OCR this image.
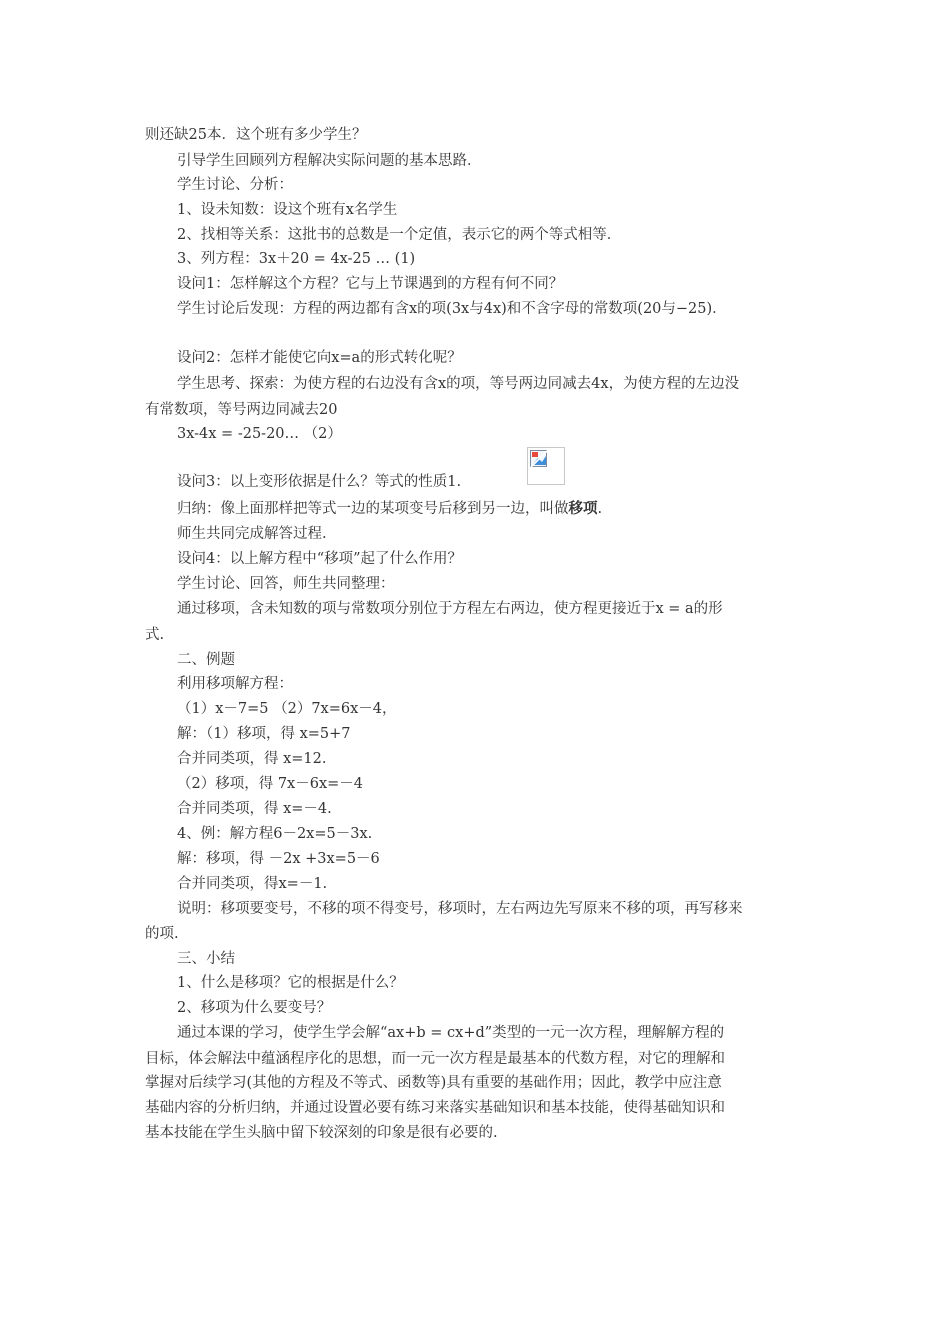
则还缺25本．这个班有多少学生？
引导学生回顾列方程解决实际问题的基本思路．
学生讨论、分析：
1、设未知数：设这个班有x名学生
2、找相等关系：这批书的总数是一个定值，表示它的两个等式相等．
3、列方程：3x＋20 = 4x-25 … (1)
设问1：怎样解这个方程？它与上节课遇到的方程有何不同？
学生讨论后发现：方程的两边都有含x的项(3x与4x)和不含字母的常数项(20与−25)．
设问2：怎样才能使它向x=a的形式转化呢？
学生思考、探索：为使方程的右边没有含x的项，等号两边同减去4x，为使方程的左边没
有常数项，等号两边同减去20
3x-4x = -25-20… （2）
设问3：以上变形依据是什么？等式的性质1.
归纳：像上面那样把等式一边的某项变号后移到另一边，叫做移项.
师生共同完成解答过程.
设问4：以上解方程中“移项”起了什么作用？
学生讨论、回答，师生共同整理：
通过移项，含未知数的项与常数项分别位于方程左右两边，使方程更接近于x = a的形
式.
二、例题
利用移项解方程：
（1）x－7=5 （2）7x=6x－4，
解：（1）移项，得 x=5+7
合并同类项，得 x=12.
（2）移项，得 7x－6x=－4
合并同类项，得 x=－4.
4、例：解方程6－2x=5－3x.
解：移项，得 －2x +3x=5－6
合并同类项，得x=－1.
说明：移项要变号，不移的项不得变号，移项时，左右两边先写原来不移的项，再写移来
的项.
三、小结
1、什么是移项？它的根据是什么？
2、移项为什么要变号？
通过本课的学习，使学生学会解“ax+b = cx+d”类型的一元一次方程，理解解方程的
目标，体会解法中蕴涵程序化的思想，而一元一次方程是最基本的代数方程，对它的理解和
掌握对后续学习(其他的方程及不等式、函数等)具有重要的基础作用；因此，教学中应注意
基础内容的分析归纳，并通过设置必要有练习来落实基础知识和基本技能，使得基础知识和
基本技能在学生头脑中留下较深刻的印象是很有必要的.
